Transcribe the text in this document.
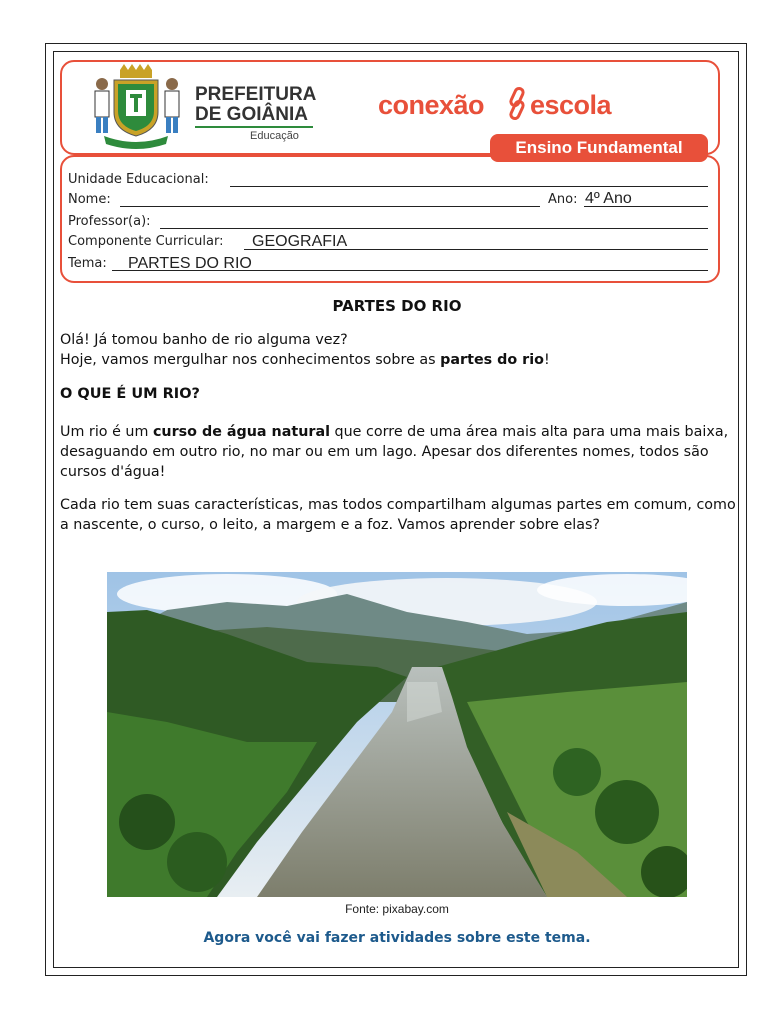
PREFEITURA
DE GOIÂNIA
Educação
conexão escola
Ensino Fundamental
Unidade Educacional:
Nome:	Ano: 4º Ano
Professor(a):
Componente Curricular: GEOGRAFIA
Tema: PARTES DO RIO
PARTES DO RIO
Olá! Já tomou banho de rio alguma vez?
Hoje, vamos mergulhar nos conhecimentos sobre as partes do rio!
O QUE É UM RIO?
Um rio é um curso de água natural que corre de uma área mais alta para uma mais baixa, desaguando em outro rio, no mar ou em um lago. Apesar dos diferentes nomes, todos são cursos d'água!
Cada rio tem suas características, mas todos compartilham algumas partes em comum, como a nascente, o curso, o leito, a margem e a foz. Vamos aprender sobre elas?
Fonte: pixabay.com
Agora você vai fazer atividades sobre este tema.
